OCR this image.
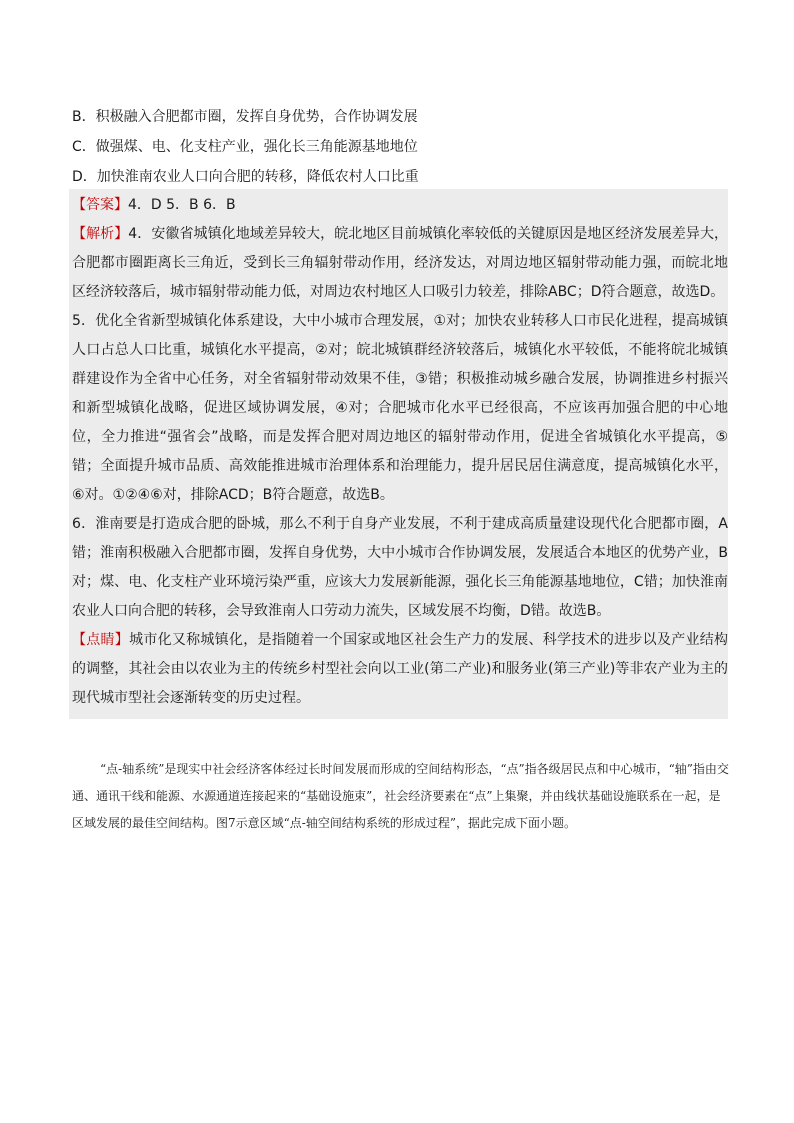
B．积极融入合肥都市圈，发挥自身优势，合作协调发展
C．做强煤、电、化支柱产业，强化长三角能源基地地位
D．加快淮南农业人口向合肥的转移，降低农村人口比重

【答案】4．D 5．B 6．B

【解析】4．安徽省城镇化地域差异较大，皖北地区目前城镇化率较低的关键原因是地区经济发展差异大，合肥都市圈距离长三角近，受到长三角辐射带动作用，经济发达，对周边地区辐射带动能力强，而皖北地区经济较落后，城市辐射带动能力低，对周边农村地区人口吸引力较差，排除ABC；D符合题意，故选D。

5．优化全省新型城镇化体系建设，大中小城市合理发展，①对；加快农业转移人口市民化进程，提高城镇人口占总人口比重，城镇化水平提高，②对；皖北城镇群经济较落后，城镇化水平较低，不能将皖北城镇群建设作为全省中心任务，对全省辐射带动效果不佳，③错；积极推动城乡融合发展，协调推进乡村振兴和新型城镇化战略，促进区域协调发展，④对；合肥城市化水平已经很高，不应该再加强合肥的中心地位，全力推进“强省会”战略，而是发挥合肥对周边地区的辐射带动作用，促进全省城镇化水平提高，⑤错；全面提升城市品质、高效能推进城市治理体系和治理能力，提升居民居住满意度，提高城镇化水平，⑥对。①②④⑥对，排除ACD；B符合题意，故选B。

6．淮南要是打造成合肥的卧城，那么不利于自身产业发展，不利于建成高质量建设现代化合肥都市圈，A错；淮南积极融入合肥都市圈，发挥自身优势，大中小城市合作协调发展，发展适合本地区的优势产业，B对；煤、电、化支柱产业环境污染严重，应该大力发展新能源，强化长三角能源基地地位，C错；加快淮南农业人口向合肥的转移，会导致淮南人口劳动力流失，区域发展不均衡，D错。故选B。

【点睛】城市化又称城镇化，是指随着一个国家或地区社会生产力的发展、科学技术的进步以及产业结构的调整，其社会由以农业为主的传统乡村型社会向以工业(第二产业)和服务业(第三产业)等非农产业为主的现代城市型社会逐渐转变的历史过程。

“点-轴系统”是现实中社会经济客体经过长时间发展而形成的空间结构形态，“点”指各级居民点和中心城市，“轴”指由交通、通讯干线和能源、水源通道连接起来的“基础设施束”，社会经济要素在“点”上集聚，并由线状基础设施联系在一起，是区域发展的最佳空间结构。图7示意区域“点-轴空间结构系统的形成过程”，据此完成下面小题。
